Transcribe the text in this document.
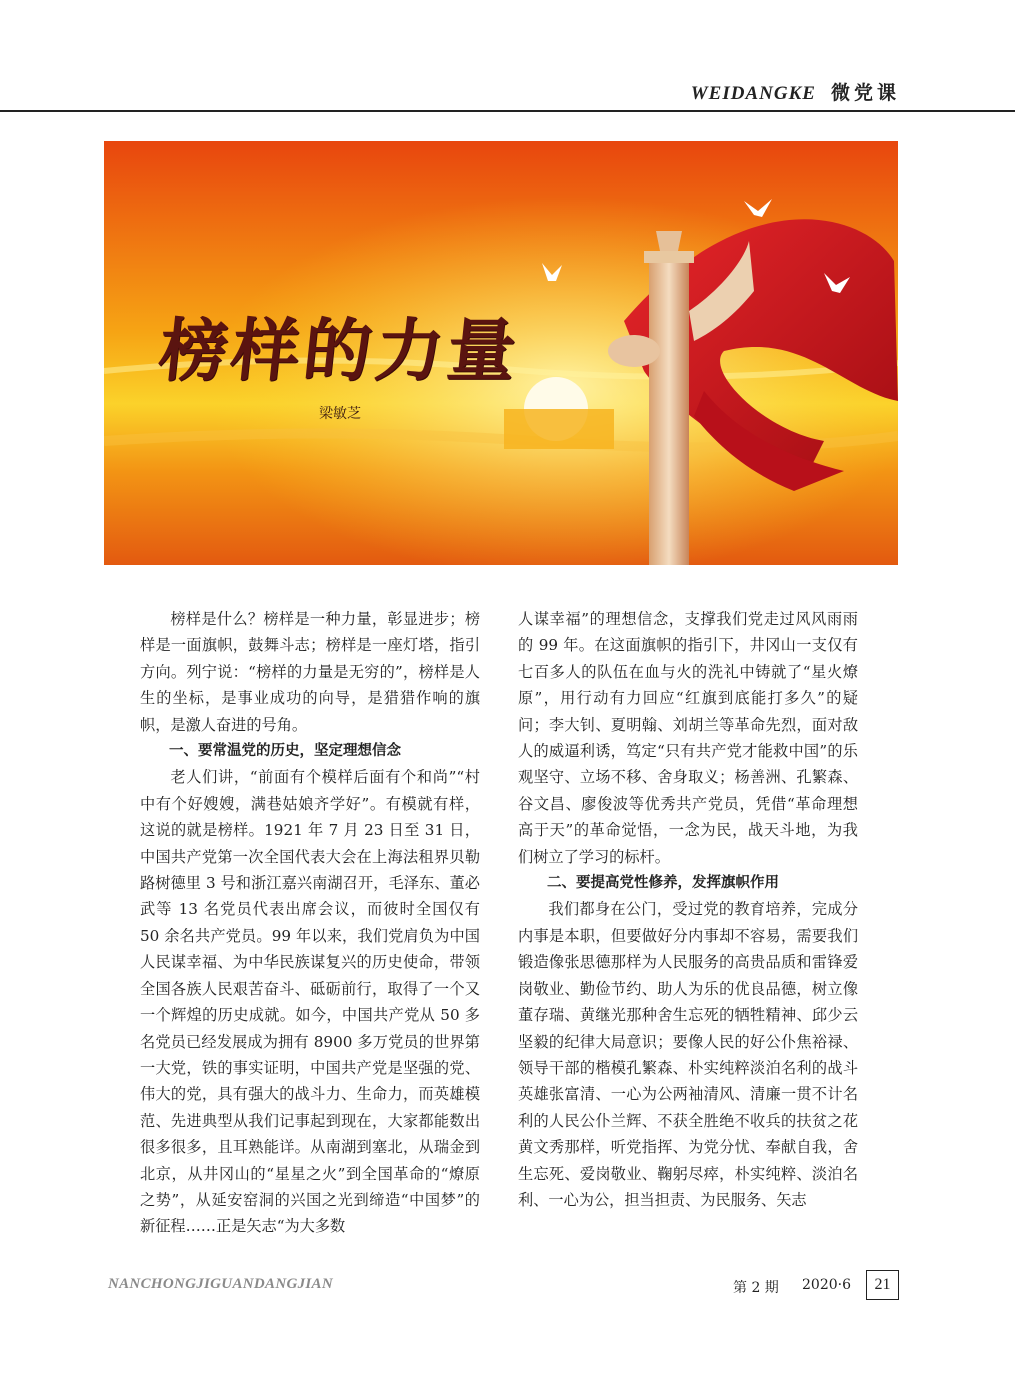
WEIDANGKE 微党课
榜样的力量
梁敏芝

榜样是什么？榜样是一种力量，彰显进步；榜样是一面旗帜，鼓舞斗志；榜样是一座灯塔，指引方向。列宁说：“榜样的力量是无穷的”，榜样是人生的坐标，是事业成功的向导，是猎猎作响的旗帜，是激人奋进的号角。

一、要常温党的历史，坚定理想信念

老人们讲，“前面有个模样后面有个和尚”“村中有个好嫂嫂，满巷姑娘齐学好”。有模就有样，这说的就是榜样。1921 年 7 月 23 日至 31 日，中国共产党第一次全国代表大会在上海法租界贝勒路树德里 3 号和浙江嘉兴南湖召开，毛泽东、董必武等 13 名党员代表出席会议，而彼时全国仅有 50 余名共产党员。99 年以来，我们党肩负为中国人民谋幸福、为中华民族谋复兴的历史使命，带领全国各族人民艰苦奋斗、砥砺前行，取得了一个又一个辉煌的历史成就。如今，中国共产党从 50 多名党员已经发展成为拥有 8900 多万党员的世界第一大党，铁的事实证明，中国共产党是坚强的党、伟大的党，具有强大的战斗力、生命力，而英雄模范、先进典型从我们记事起到现在，大家都能数出很多很多，且耳熟能详。从南湖到塞北，从瑞金到北京，从井冈山的“星星之火”到全国革命的“燎原之势”，从延安窑洞的兴国之光到缔造“中国梦”的新征程……正是矢志“为大多数

人谋幸福”的理想信念，支撑我们党走过风风雨雨的 99 年。在这面旗帜的指引下，井冈山一支仅有七百多人的队伍在血与火的洗礼中铸就了“星火燎原”，用行动有力回应“红旗到底能打多久”的疑问；李大钊、夏明翰、刘胡兰等革命先烈，面对敌人的威逼利诱，笃定“只有共产党才能救中国”的乐观坚守、立场不移、舍身取义；杨善洲、孔繁森、谷文昌、廖俊波等优秀共产党员，凭借“革命理想高于天”的革命觉悟，一念为民，战天斗地，为我们树立了学习的标杆。

二、要提高党性修养，发挥旗帜作用

我们都身在公门，受过党的教育培养，完成分内事是本职，但要做好分内事却不容易，需要我们锻造像张思德那样为人民服务的高贵品质和雷锋爱岗敬业、勤俭节约、助人为乐的优良品德，树立像董存瑞、黄继光那种舍生忘死的牺牲精神、邱少云坚毅的纪律大局意识；要像人民的好公仆焦裕禄、领导干部的楷模孔繁森、朴实纯粹淡泊名利的战斗英雄张富清、一心为公两袖清风、清廉一贯不计名利的人民公仆兰辉、不获全胜绝不收兵的扶贫之花黄文秀那样，听党指挥、为党分忧、奉献自我，舍生忘死、爱岗敬业、鞠躬尽瘁，朴实纯粹、淡泊名利、一心为公，担当担责、为民服务、矢志

NANCHONGJIGUANDANGJIAN	第 2 期 2020·6	21
